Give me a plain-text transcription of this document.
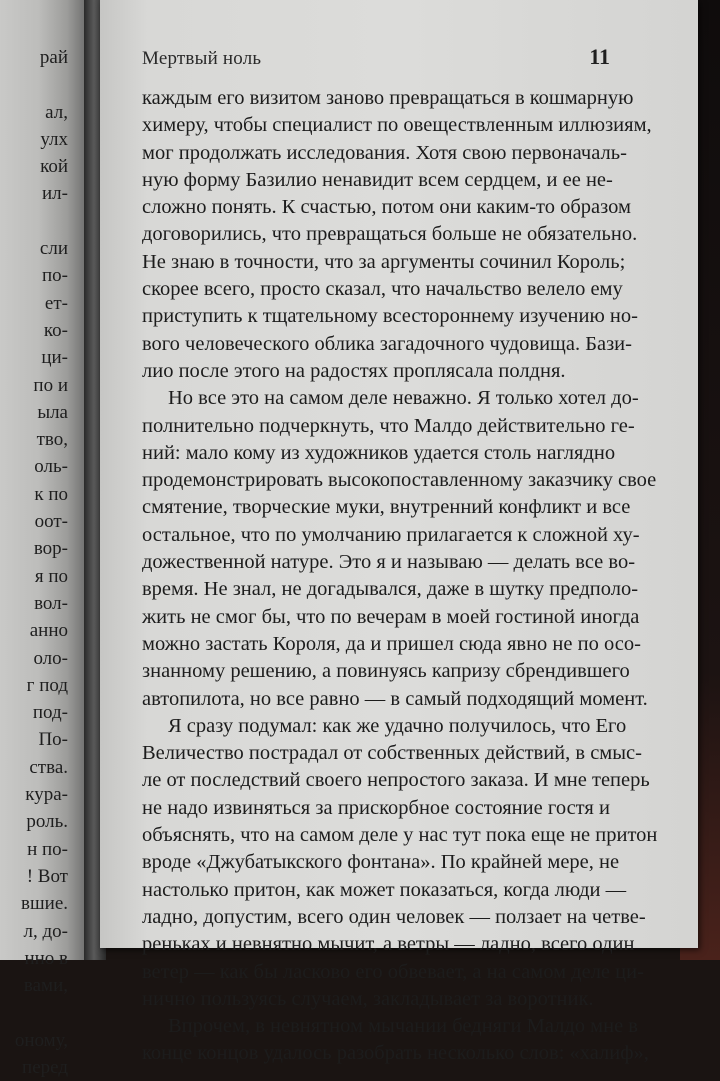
рай

ал,
улх
кой
ил-

сли
по-
ет-
ко-
ци-
по и
ыла
тво,
оль-
к по
оот-
вор-
я по
вол-
анно
оло-
г под
под-
По-
ства.
кура-
роль.
н по-
! Вот
вшие.
л, до-
нно в
вами,

оному,
перед
Мертвый ноль	11
каждым его визитом заново превращаться в кошмарную
химеру, чтобы специалист по овеществленным иллюзиям,
мог продолжать исследования. Хотя свою первоначаль-
ную форму Базилио ненавидит всем сердцем, и ее не-
сложно понять. К счастью, потом они каким-то образом
договорились, что превращаться больше не обязательно.
Не знаю в точности, что за аргументы сочинил Король;
скорее всего, просто сказал, что начальство велело ему
приступить к тщательному всестороннему изучению но-
вого человеческого облика загадочного чудовища. Бази-
лио после этого на радостях проплясала полдня.
Но все это на самом деле неважно. Я только хотел до-
полнительно подчеркнуть, что Малдо действительно ге-
ний: мало кому из художников удается столь наглядно
продемонстрировать высокопоставленному заказчику свое
смятение, творческие муки, внутренний конфликт и все
остальное, что по умолчанию прилагается к сложной ху-
дожественной натуре. Это я и называю — делать все во-
время. Не знал, не догадывался, даже в шутку предполо-
жить не смог бы, что по вечерам в моей гостиной иногда
можно застать Короля, да и пришел сюда явно не по осо-
знанному решению, а повинуясь капризу сбрендившего
автопилота, но все равно — в самый подходящий момент.
Я сразу подумал: как же удачно получилось, что Его
Величество пострадал от собственных действий, в смыс-
ле от последствий своего непростого заказа. И мне теперь
не надо извиняться за прискорбное состояние гостя и
объяснять, что на самом деле у нас тут пока еще не притон
вроде «Джубатыкского фонтана». По крайней мере, не
настолько притон, как может показаться, когда люди —
ладно, допустим, всего один человек — ползает на четве-
реньках и невнятно мычит, а ветры — ладно, всего один
ветер — как бы ласково его обвевает, а на самом деле ци-
нично пользуясь случаем, закладывает за воротник.
Впрочем, в невнятном мычании бедняги Малдо мне в
конце концов удалось разобрать несколько слов: «халиф»,
